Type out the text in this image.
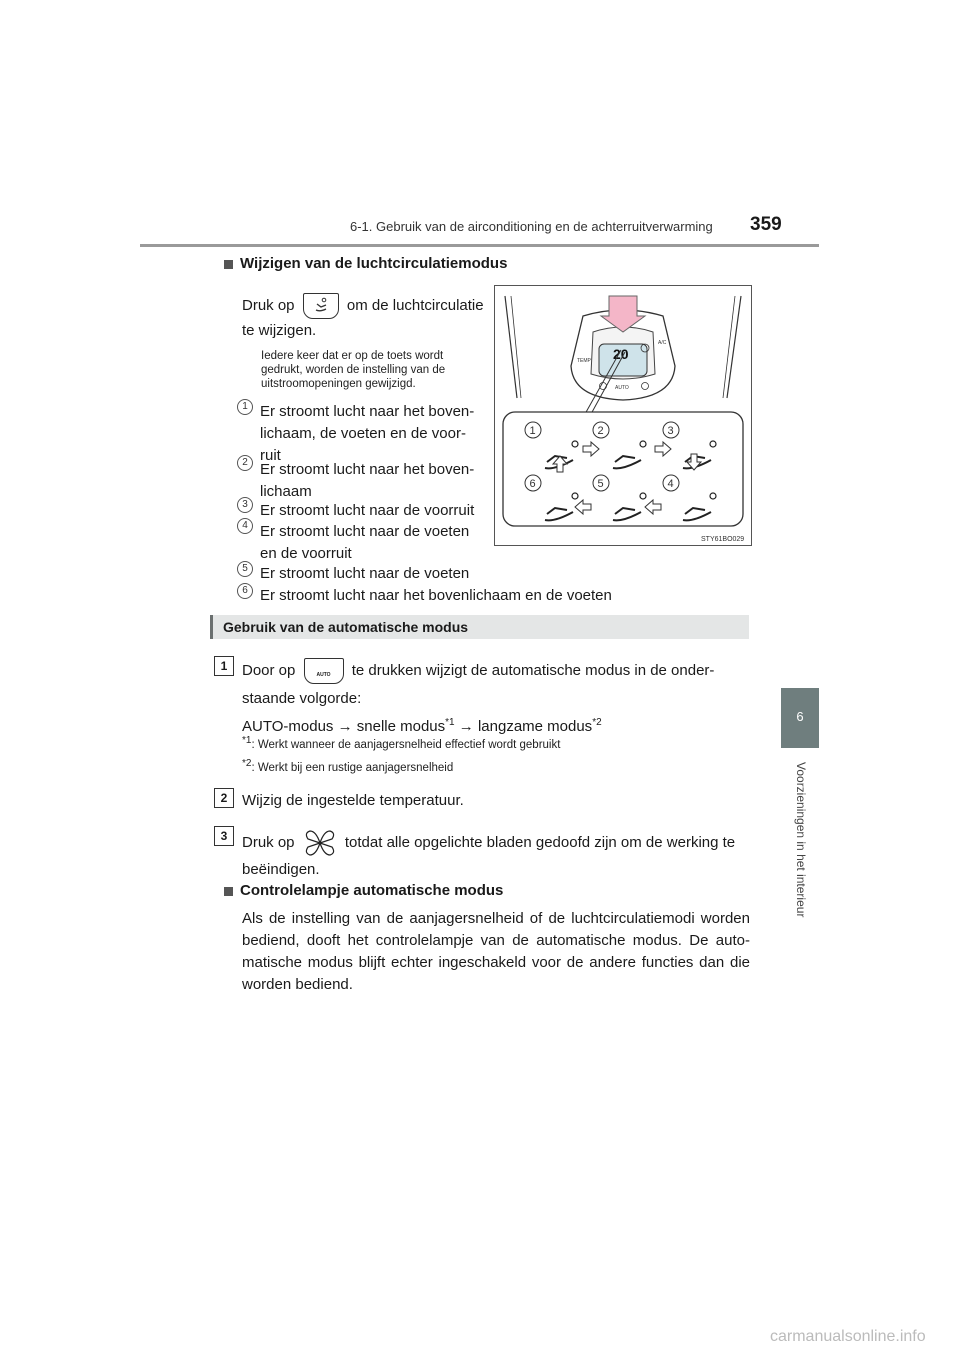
6-1. Gebruik van de airconditioning en de achterruitverwarming 359
6
Voorzieningen in het interieur
Wijzigen van de luchtcirculatiemodus
Druk op	om de luchtcirculatie
te wijzigen.
Iedere keer dat er op de toets wordt gedrukt, worden de instelling van de uitstroomopeningen gewijzigd.
1 Er stroomt lucht naar het boven-
lichaam, de voeten en de voor-
ruit
2 Er stroomt lucht naar het boven-
lichaam
3 Er stroomt lucht naar de voorruit
4 Er stroomt lucht naar de voeten
en de voorruit
5 Er stroomt lucht naar de voeten
6 Er stroomt lucht naar het bovenlichaam en de voeten
20
TEMP
A/C
AUTO
1	2	3
4
5
6
STY61BO029
Gebruik van de automatische modus
1 Door op	AUTO	te drukken wijzigt de automatische modus in de onder-
staande volgorde:
AUTO-modus → snelle modus$^{*1}$ → langzame modus$^{*2}$
$^{*1}$: Werkt wanneer de aanjagersnelheid effectief wordt gebruikt
$^{*2}$: Werkt bij een rustige aanjagersnelheid
2 Wijzig de ingestelde temperatuur.
3 Druk op	totdat alle opgelichte bladen gedoofd zijn om de werking te
beëindigen.
Controlelampje automatische modus
Als de instelling van de aanjagersnelheid of de luchtcirculatiemodi worden
bediend, dooft het controlelampje van de automatische modus. De auto-
matische modus blijft echter ingeschakeld voor de andere functies dan die
worden bediend.
carmanualsonline.info
